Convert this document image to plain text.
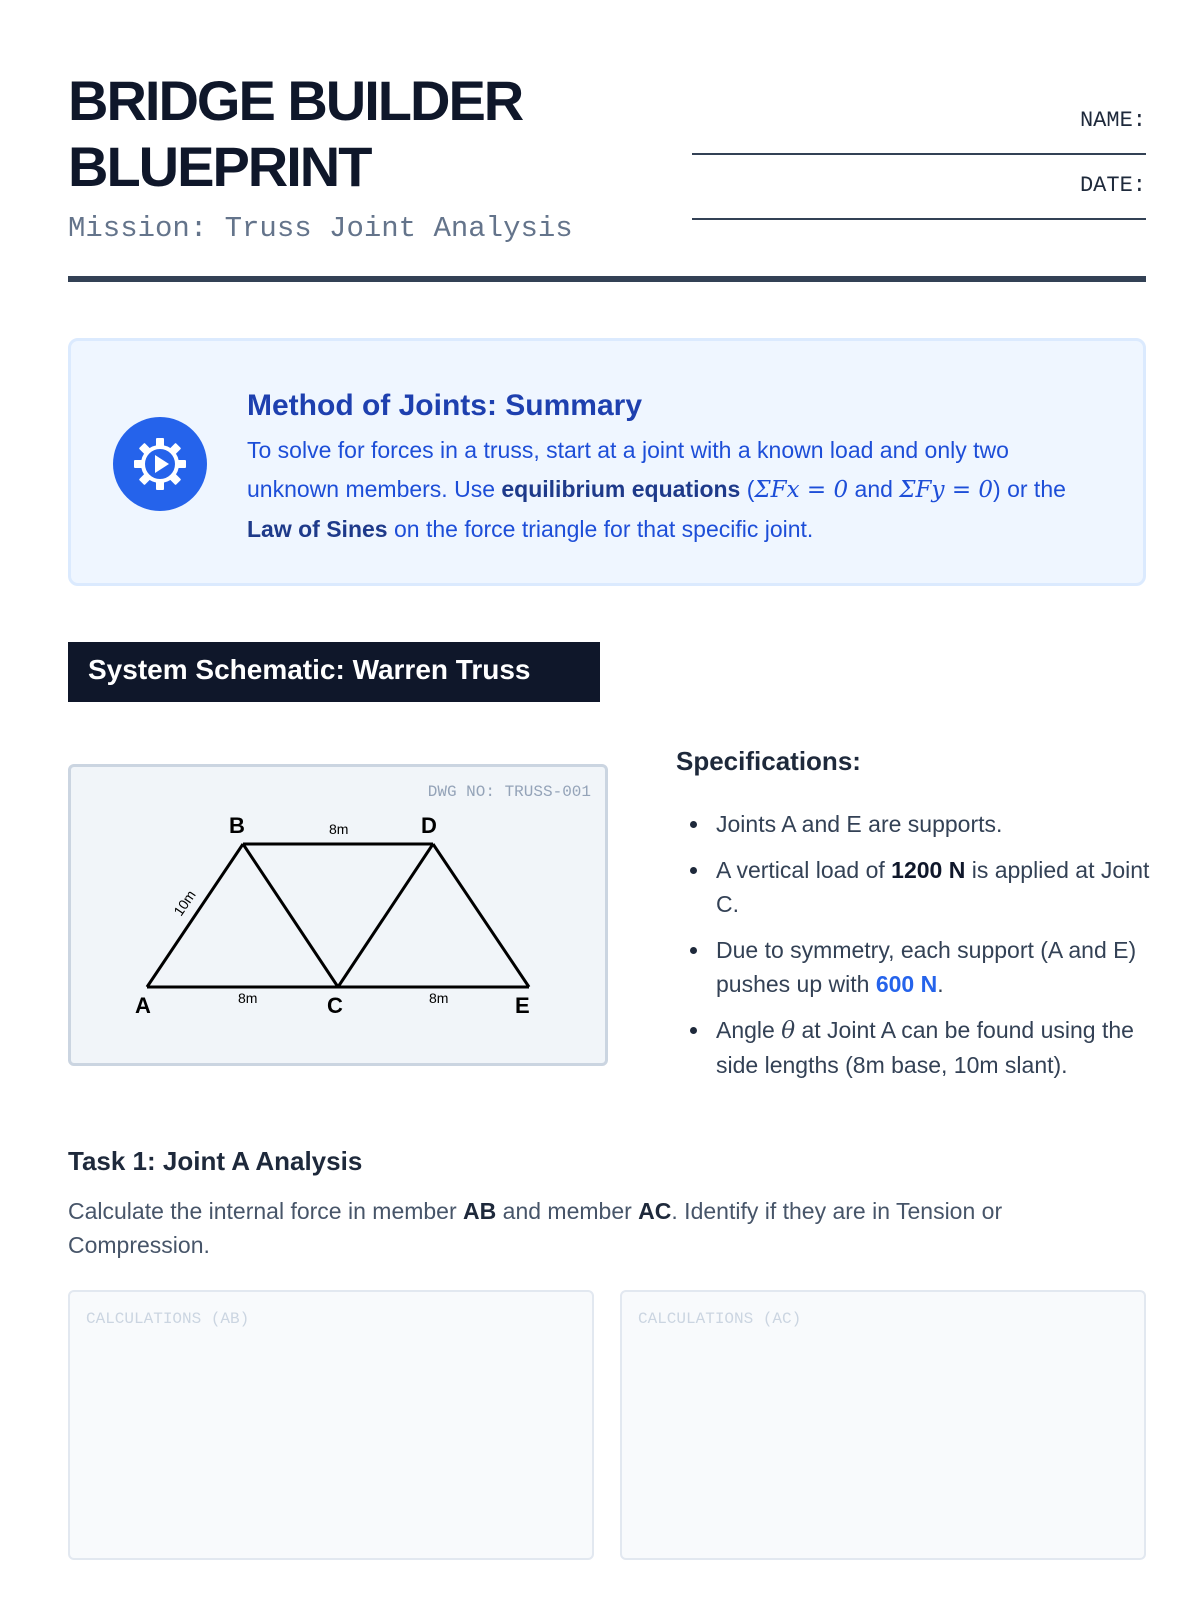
BRIDGE BUILDER
BLUEPRINT
Mission: Truss Joint Analysis
NAME:
DATE:
Method of Joints: Summary
To solve for forces in a truss, start at a joint with a known load and only two unknown members. Use equilibrium equations (ΣFx = 0 and ΣFy = 0) or the Law of Sines on the force triangle for that specific joint.
System Schematic: Warren Truss
DWG NO: TRUSS-001
A
B
C
D
E
8m
8m	8m
10m
Specifications:
Joints A and E are supports.
A vertical load of 1200 N is applied at Joint C.
Due to symmetry, each support (A and E) pushes up with 600 N.
Angle θ at Joint A can be found using the side lengths (8m base, 10m slant).
Task 1: Joint A Analysis
Calculate the internal force in member AB and member AC. Identify if they are in Tension or Compression.
CALCULATIONS (AB)	CALCULATIONS (AC)
